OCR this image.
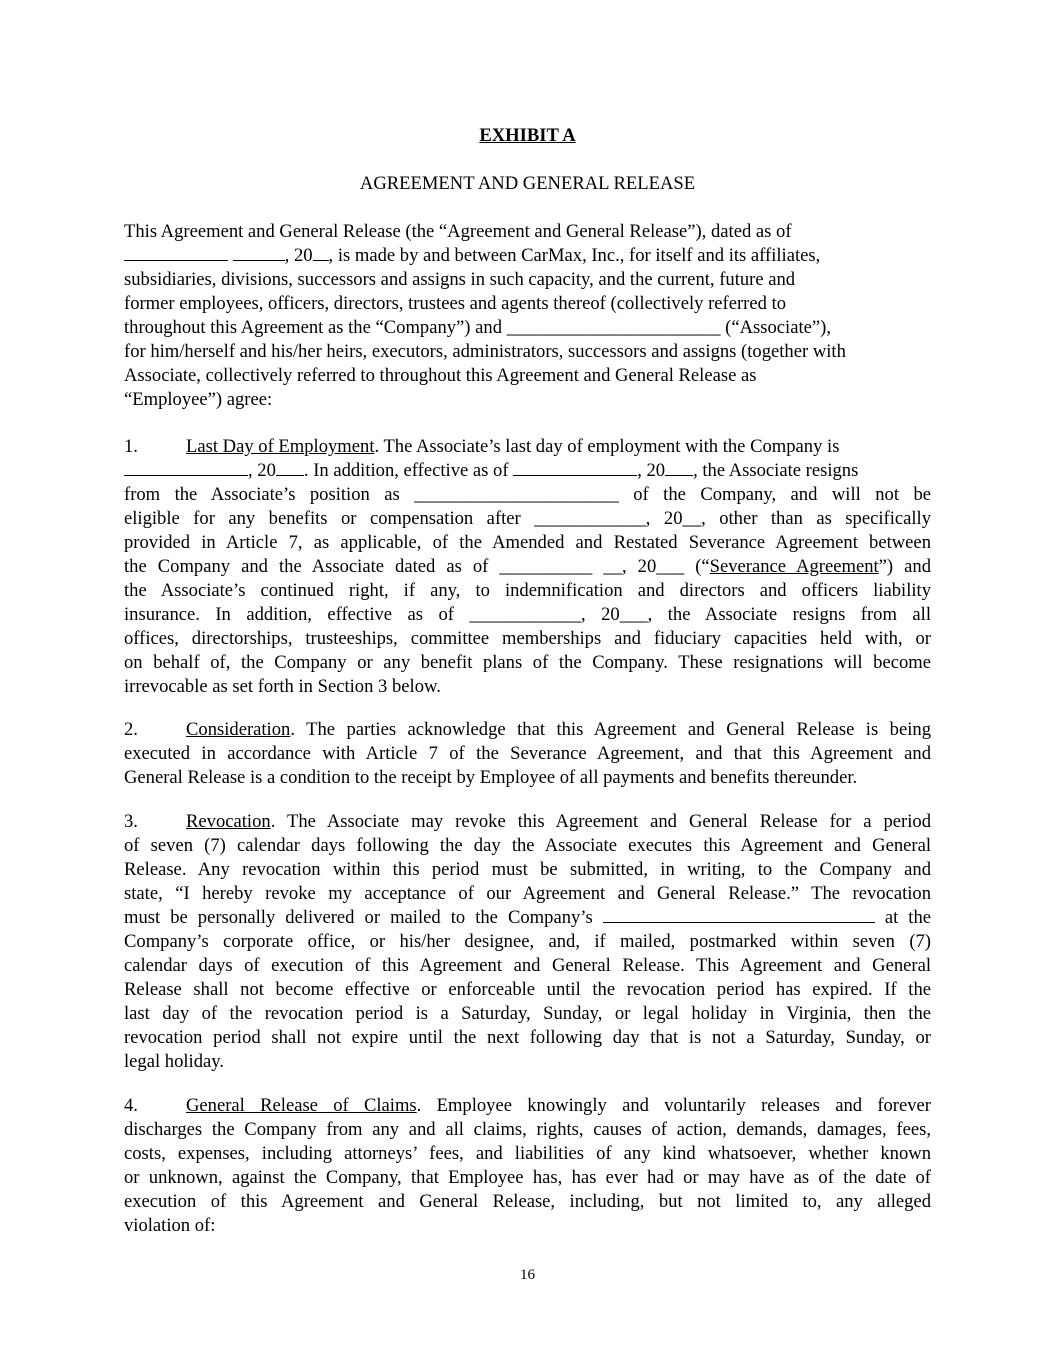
EXHIBIT A
AGREEMENT AND GENERAL RELEASE
This Agreement and General Release (the “Agreement and General Release”), dated as of
, 20 , is made by and between CarMax, Inc., for itself and its affiliates,
subsidiaries, divisions, successors and assigns in such capacity, and the current, future and
former employees, officers, directors, trustees and agents thereof (collectively referred to
throughout this Agreement as the “Company”) and _______________________ (“Associate”),
for him/herself and his/her heirs, executors, administrators, successors and assigns (together with
Associate, collectively referred to throughout this Agreement and General Release as
“Employee”) agree:
1.	Last Day of Employment. The Associate’s last day of employment with the Company is
, 20 . In addition, effective as of	, 20 , the Associate resigns
from the Associate’s position as ______________________ of the Company, and will not be
eligible for any benefits or compensation after ____________, 20__, other than as specifically
provided in Article 7, as applicable, of the Amended and Restated Severance Agreement between
the Company and the Associate dated as of __________ __, 20___ (“Severance Agreement”) and
the Associate’s continued right, if any, to indemnification and directors and officers liability
insurance. In addition, effective as of ____________, 20___, the Associate resigns from all
offices, directorships, trusteeships, committee memberships and fiduciary capacities held with, or
on behalf of, the Company or any benefit plans of the Company. These resignations will become
irrevocable as set forth in Section 3 below.
2.	Consideration. The parties acknowledge that this Agreement and General Release is being
executed in accordance with Article 7 of the Severance Agreement, and that this Agreement and
General Release is a condition to the receipt by Employee of all payments and benefits thereunder.
3.	Revocation. The Associate may revoke this Agreement and General Release for a period
of seven (7) calendar days following the day the Associate executes this Agreement and General
Release. Any revocation within this period must be submitted, in writing, to the Company and
state, “I hereby revoke my acceptance of our Agreement and General Release.” The revocation
must be personally delivered or mailed to the Company’s	at the
Company’s corporate office, or his/her designee, and, if mailed, postmarked within seven (7)
calendar days of execution of this Agreement and General Release. This Agreement and General
Release shall not become effective or enforceable until the revocation period has expired. If the
last day of the revocation period is a Saturday, Sunday, or legal holiday in Virginia, then the
revocation period shall not expire until the next following day that is not a Saturday, Sunday, or
legal holiday.
4.	General Release of Claims. Employee knowingly and voluntarily releases and forever
discharges the Company from any and all claims, rights, causes of action, demands, damages, fees,
costs, expenses, including attorneys’ fees, and liabilities of any kind whatsoever, whether known
or unknown, against the Company, that Employee has, has ever had or may have as of the date of
execution of this Agreement and General Release, including, but not limited to, any alleged
violation of:
16
